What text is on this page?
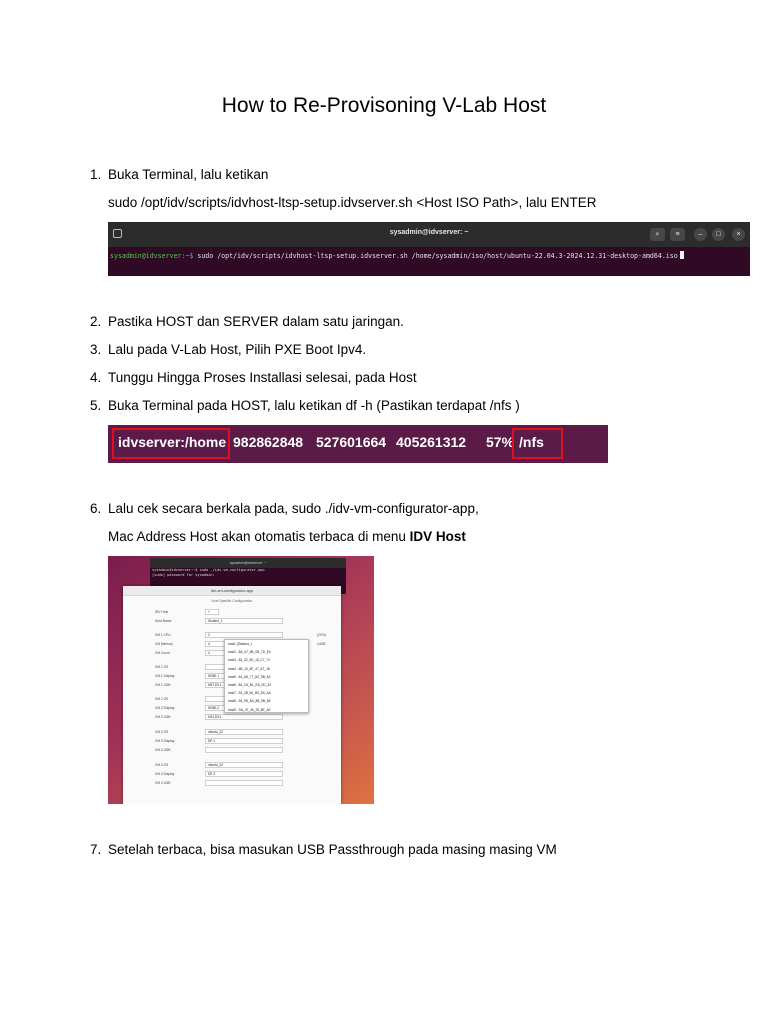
How to Re-Provisoning V-Lab Host
1. Buka Terminal, lalu ketikan
sudo /opt/idv/scripts/idvhost-ltsp-setup.idvserver.sh <Host ISO Path>, lalu ENTER
sysadmin@idvserver: ~	⌕	≡	–	□	×
sysadmin@idvserver:~$ sudo /opt/idv/scripts/idvhost-ltsp-setup.idvserver.sh /home/sysadmin/iso/host/ubuntu-22.04.3-2024.12.31-desktop-amd64.iso
2. Pastika HOST dan SERVER dalam satu jaringan.
3. Lalu pada V-Lab Host, Pilih PXE Boot Ipv4.
4. Tunggu Hingga Proses Installasi selesai, pada Host
5. Buka Terminal pada HOST, lalu ketikan df -h (Pastikan terdapat /nfs )
idvserver:/home 982862848 527601664 405261312 57% /nfs
6. Lalu cek secara berkala pada, sudo ./idv-vm-configurator-app,
Mac Address Host akan otomatis terbaca di menu IDV Host
sysadmin@idvserver: ~
sysadmin@idvserver:~$ sudo ./idv-vm-configurator-app
[sudo] password for sysadmin:
idv-vm-configurator-app
Host Specific Configuration
IDV Host	+
Host Name	Student_1
VM 1 CPU	2
VM Memory	4
VM Count	4
VM 1 OS
VM 1 Display	HDMI-1
VM 1 USB	KBT,D3:1
VM 2 OS
VM 2 Display	HDMI-2
VM 2 USB	KS2,D3:1
VM 3 OS	ubuntu_22
VM 3 Display	DP-1
VM 3 USB
VM 4 OS	ubuntu_22
VM 4 Display	DP-3
VM 4 USB
(CPU)
14GB
host1 (Student_1
host2 - 8A_47_9B_0B_7D_E4
host3 - 84_32_9D_18_C7_74
host4 - 6B_10_8F_47_A7_18
host5 - 64_6D_77_8C_9B_4A
host6 - 84_C6_B1_EA_0D_34
host7 - 34_2B_60_B0_D9_AA
host8 - 94_9D_8A_8B_9B_66
host9 - DA_37_45_25_8E_A0
7. Setelah terbaca, bisa masukan USB Passthrough pada masing masing VM
